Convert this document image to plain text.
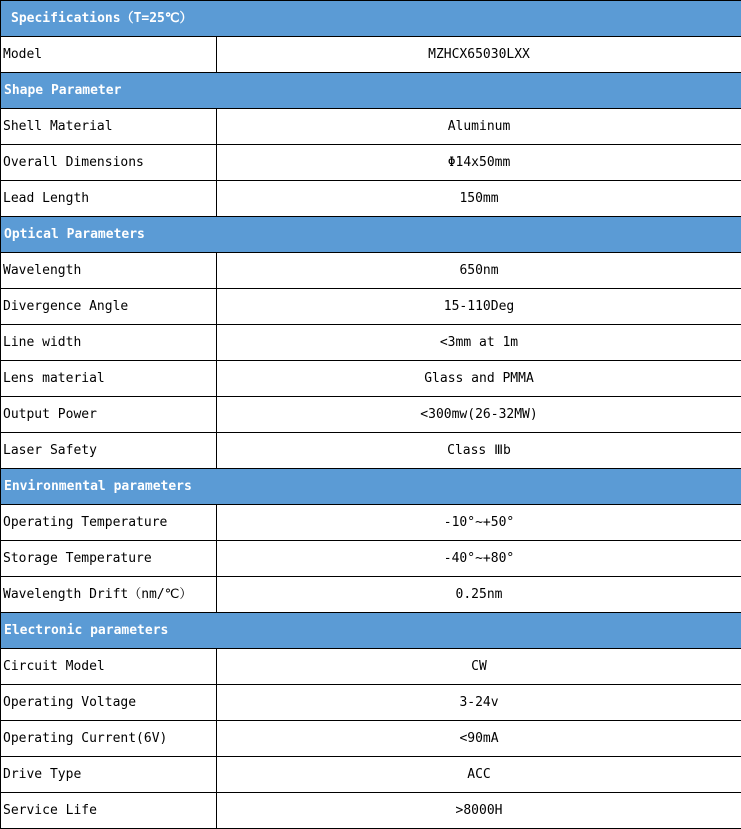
Specifications（T=25℃）	
Model	MZHCX65030LXX
Shape Parameter	
Shell Material	Aluminum
Overall Dimensions	Φ14x50mm
Lead Length	150mm
Optical Parameters	
Wavelength	650nm
Divergence Angle	15-110Deg
Line width	<3mm at 1m
Lens material	Glass and PMMA
Output Power	<300mw(26-32MW)
Laser Safety	Class Ⅲb
Environmental parameters	
Operating Temperature	-10°~+50°
Storage Temperature	-40°~+80°
Wavelength Drift（nm/℃）	0.25nm
Electronic parameters	
Circuit Model	CW
Operating Voltage	3-24v
Operating Current(6V)	<90mA
Drive Type	ACC
Service Life	>8000H
